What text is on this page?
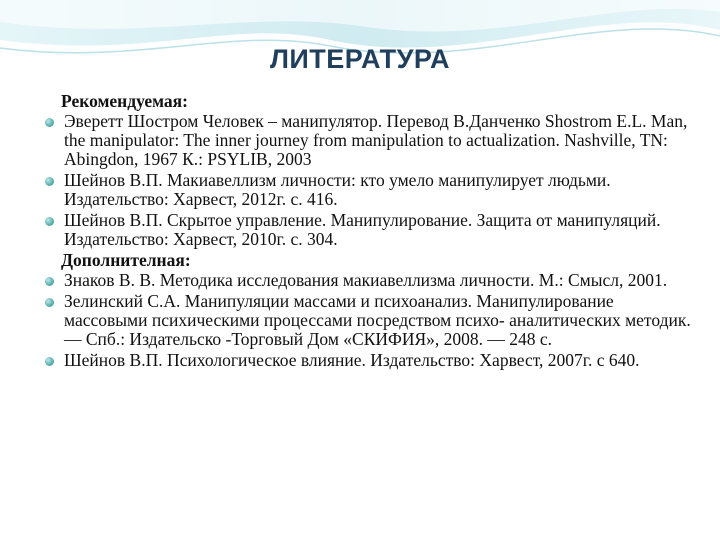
ЛИТЕРАТУРА
Рекомендуемая:
Эверетт Шостром Человек – манипулятор. Перевод В.Данченко Shostrom E.L. Man, the manipulator: The inner journey from manipulation to actualization. Nashville, TN: Abingdon, 1967 К.: PSYLIB, 2003
Шейнов В.П. Макиавеллизм личности: кто умело манипулирует людьми. Издательство: Харвест, 2012г. с. 416.
Шейнов В.П. Скрытое управление. Манипулирование. Защита от манипуляций. Издательство: Харвест, 2010г. с. 304.
Дополнителная:
Знаков В. В. Методика исследования макиавеллизма личности. М.: Смысл, 2001.
Зелинский С.А. Манипуляции массами и психоанализ. Манипулирование массовыми психическими процессами посредством психо- аналитических методик. — Спб.: Издательско -Торговый Дом «СКИФИЯ», 2008. — 248 с.
Шейнов В.П. Психологическое влияние. Издательство: Харвест, 2007г. с 640.
